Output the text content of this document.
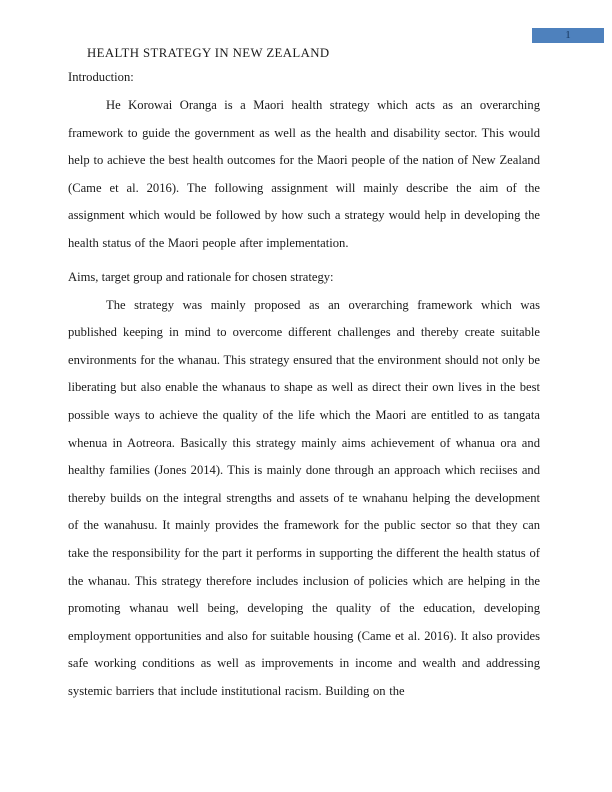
1
HEALTH STRATEGY IN NEW ZEALAND
Introduction:

He Korowai Oranga is a Maori health strategy which acts as an overarching framework to guide the government as well as the health and disability sector. This would help to achieve the best health outcomes for the Maori people of the nation of New Zealand (Came et al. 2016). The following assignment will mainly describe the aim of the assignment which would be followed by how such a strategy would help in developing the health status of the Maori people after implementation.

Aims, target group and rationale for chosen strategy:

The strategy was mainly proposed as an overarching framework which was published keeping in mind to overcome different challenges and thereby create suitable environments for the whanau. This strategy ensured that the environment should not only be liberating but also enable the whanaus to shape as well as direct their own lives in the best possible ways to achieve the quality of the life which the Maori are entitled to as tangata whenua in Aotreora. Basically this strategy mainly aims achievement of whanua ora and healthy families (Jones 2014). This is mainly done through an approach which reciises and thereby builds on the integral strengths and assets of te wnahanu helping the development of the wanahusu. It mainly provides the framework for the public sector so that they can take the responsibility for the part it performs in supporting the different the health status of the whanau. This strategy therefore includes inclusion of policies which are helping in the promoting whanau well being, developing the quality of the education, developing employment opportunities and also for suitable housing (Came et al. 2016). It also provides safe working conditions as well as improvements in income and wealth and addressing systemic barriers that include institutional racism. Building on the
